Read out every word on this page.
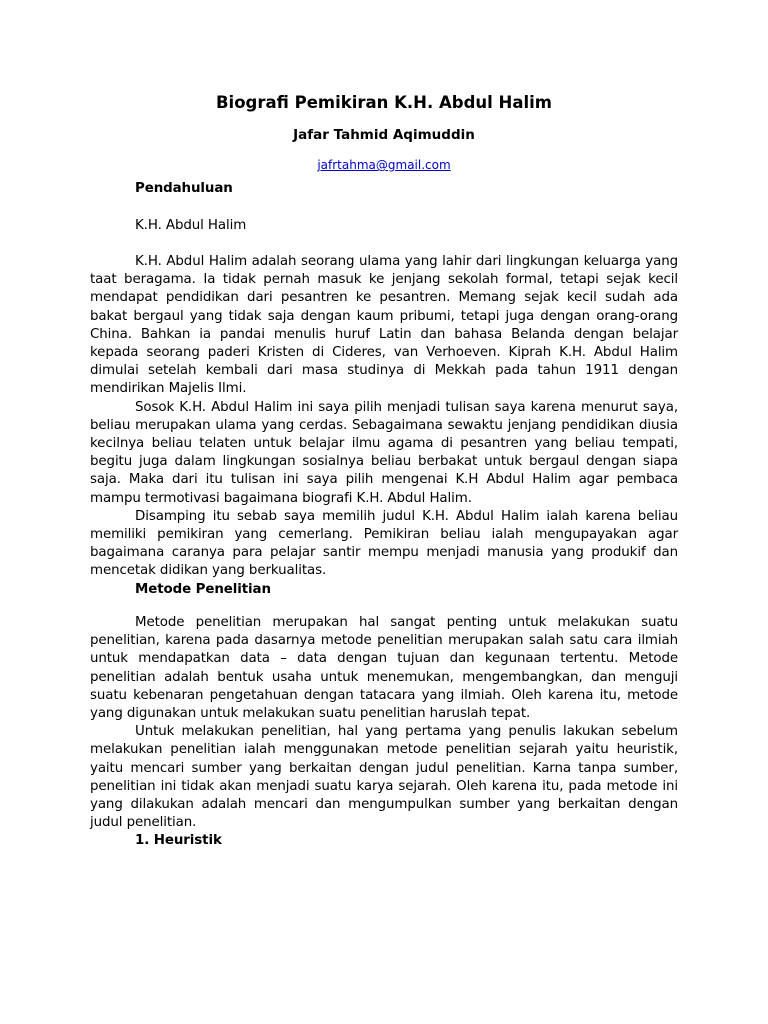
Biografi Pemikiran K.H. Abdul Halim

Jafar Tahmid Aqimuddin

jafrtahma@gmail.com

Pendahuluan

K.H. Abdul Halim

K.H. Abdul Halim adalah seorang ulama yang lahir dari lingkungan keluarga yang taat beragama. Ia tidak pernah masuk ke jenjang sekolah formal, tetapi sejak kecil mendapat pendidikan dari pesantren ke pesantren. Memang sejak kecil sudah ada bakat bergaul yang tidak saja dengan kaum pribumi, tetapi juga dengan orang-orang China. Bahkan ia pandai menulis huruf Latin dan bahasa Belanda dengan belajar kepada seorang paderi Kristen di Cideres, van Verhoeven. Kiprah K.H. Abdul Halim dimulai setelah kembali dari masa studinya di Mekkah pada tahun 1911 dengan mendirikan Majelis Ilmi.

Sosok K.H. Abdul Halim ini saya pilih menjadi tulisan saya karena menurut saya, beliau merupakan ulama yang cerdas. Sebagaimana sewaktu jenjang pendidikan diusia kecilnya beliau telaten untuk belajar ilmu agama di pesantren yang beliau tempati, begitu juga dalam lingkungan sosialnya beliau berbakat untuk bergaul dengan siapa saja. Maka dari itu tulisan ini saya pilih mengenai K.H Abdul Halim agar pembaca mampu termotivasi bagaimana biografi K.H. Abdul Halim.

Disamping itu sebab saya memilih judul K.H. Abdul Halim ialah karena beliau memiliki pemikiran yang cemerlang. Pemikiran beliau ialah mengupayakan agar bagaimana caranya para pelajar santir mempu menjadi manusia yang produkif dan mencetak didikan yang berkualitas.

Metode Penelitian

Metode penelitian merupakan hal sangat penting untuk melakukan suatu penelitian, karena pada dasarnya metode penelitian merupakan salah satu cara ilmiah untuk mendapatkan data – data dengan tujuan dan kegunaan tertentu. Metode penelitian adalah bentuk usaha untuk menemukan, mengembangkan, dan menguji suatu kebenaran pengetahuan dengan tatacara yang ilmiah. Oleh karena itu, metode yang digunakan untuk melakukan suatu penelitian haruslah tepat.

Untuk melakukan penelitian, hal yang pertama yang penulis lakukan sebelum melakukan penelitian ialah menggunakan metode penelitian sejarah yaitu heuristik, yaitu mencari sumber yang berkaitan dengan judul penelitian. Karna tanpa sumber, penelitian ini tidak akan menjadi suatu karya sejarah. Oleh karena itu, pada metode ini yang dilakukan adalah mencari dan mengumpulkan sumber yang berkaitan dengan judul penelitian.

1. Heuristik
